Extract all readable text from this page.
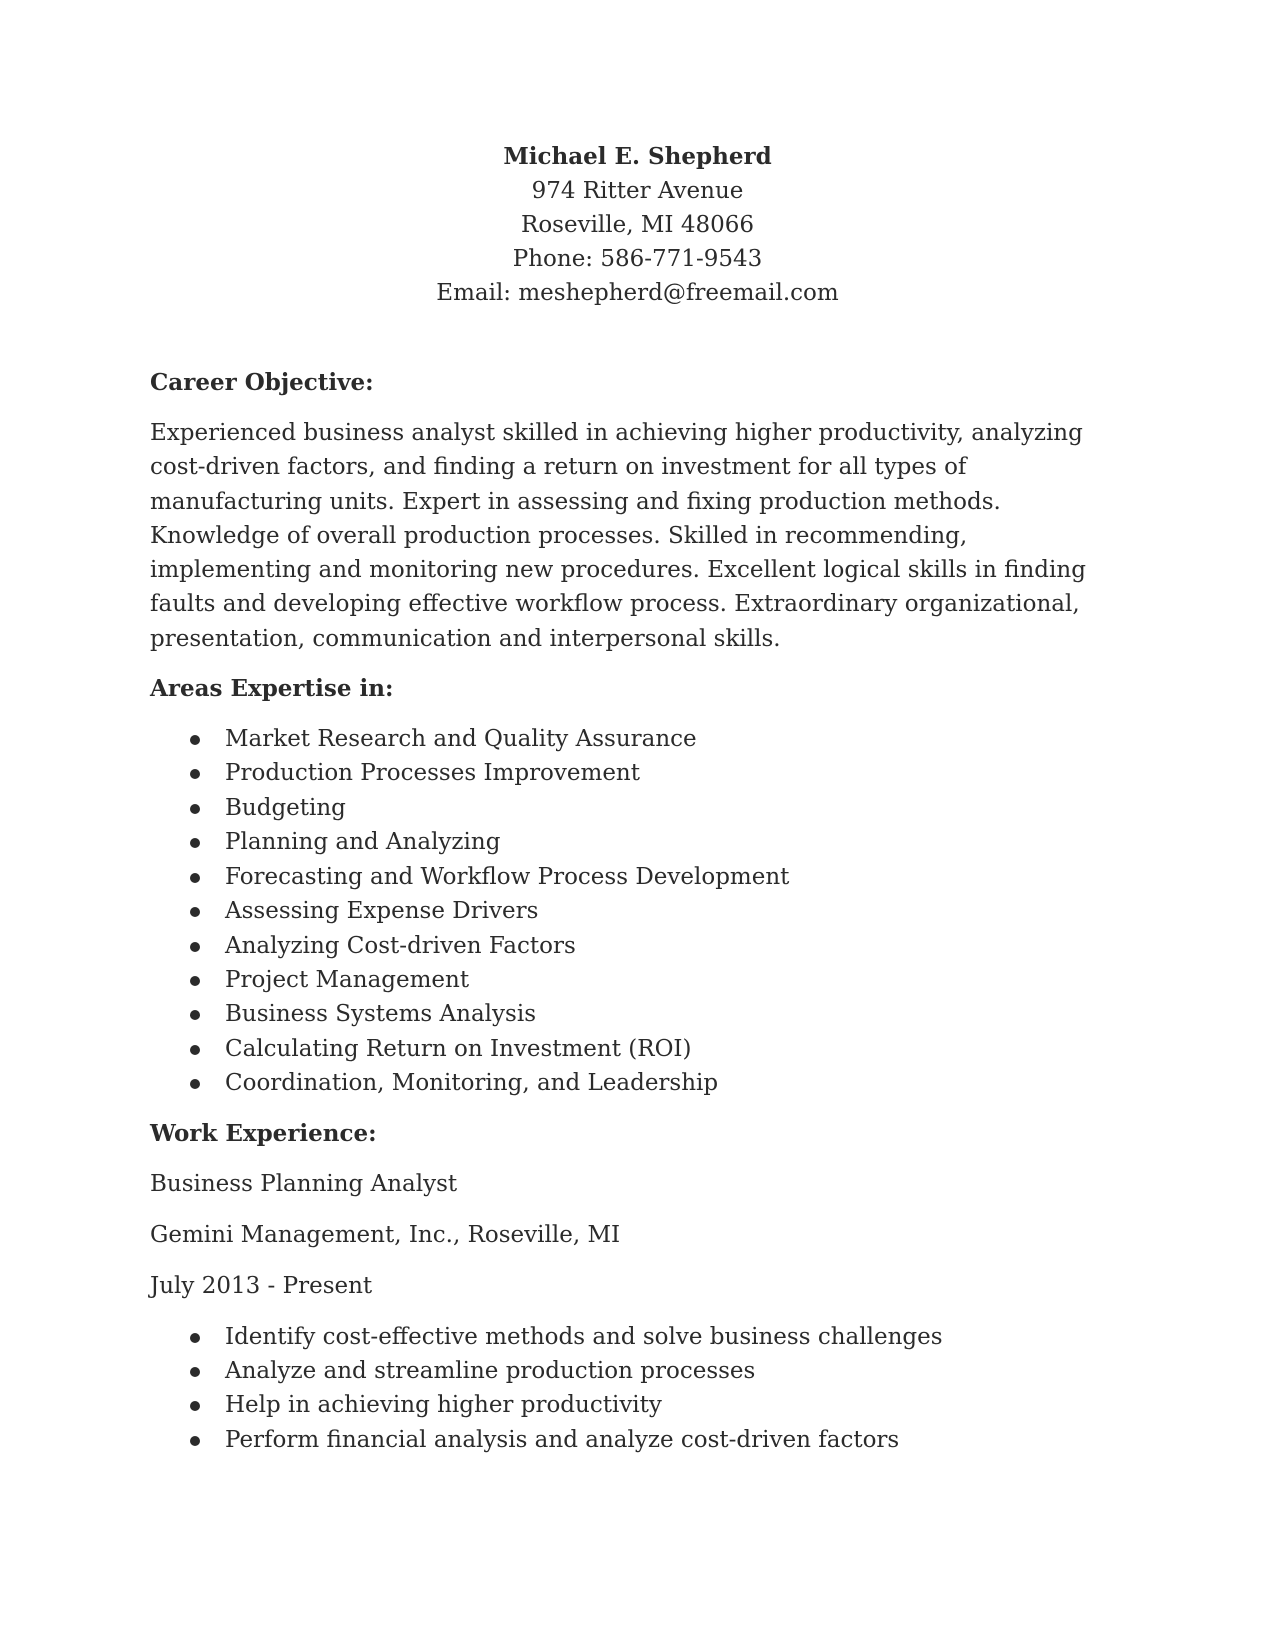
Michael E. Shepherd
974 Ritter Avenue
Roseville, MI 48066
Phone: 586-771-9543
Email: meshepherd@freemail.com
Career Objective:
Experienced business analyst skilled in achieving higher productivity, analyzing cost-driven factors, and finding a return on investment for all types of manufacturing units. Expert in assessing and fixing production methods. Knowledge of overall production processes. Skilled in recommending, implementing and monitoring new procedures. Excellent logical skills in finding faults and developing effective workflow process. Extraordinary organizational, presentation, communication and interpersonal skills.
Areas Expertise in:
Market Research and Quality Assurance
Production Processes Improvement
Budgeting
Planning and Analyzing
Forecasting and Workflow Process Development
Assessing Expense Drivers
Analyzing Cost-driven Factors
Project Management
Business Systems Analysis
Calculating Return on Investment (ROI)
Coordination, Monitoring, and Leadership
Work Experience:
Business Planning Analyst
Gemini Management, Inc., Roseville, MI
July 2013 - Present
Identify cost-effective methods and solve business challenges
Analyze and streamline production processes
Help in achieving higher productivity
Perform financial analysis and analyze cost-driven factors
